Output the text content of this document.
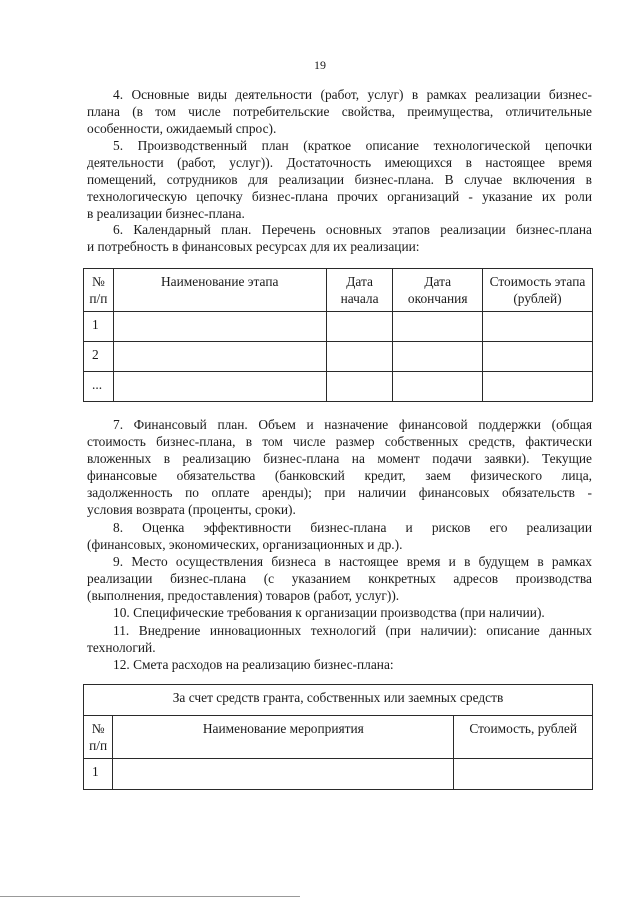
19
4. Основные виды деятельности (работ, услуг) в рамках реализации бизнес-
плана (в том числе потребительские свойства, преимущества, отличительные
особенности, ожидаемый спрос).
5. Производственный план (краткое описание технологической цепочки
деятельности (работ, услуг)). Достаточность имеющихся в настоящее время
помещений, сотрудников для реализации бизнес-плана. В случае включения в
технологическую цепочку бизнес-плана прочих организаций - указание их роли
в реализации бизнес-плана.
6. Календарный план. Перечень основных этапов реализации бизнес-плана
и потребность в финансовых ресурсах для их реализации:
№ п/п	Наименование этапа	Дата начала	Дата окончания	Стоимость этапа (рублей)
1				
2				
...				
7. Финансовый план. Объем и назначение финансовой поддержки (общая
стоимость бизнес-плана, в том числе размер собственных средств, фактически
вложенных в реализацию бизнес-плана на момент подачи заявки). Текущие
финансовые обязательства (банковский кредит, заем физического лица,
задолженность по оплате аренды); при наличии финансовых обязательств -
условия возврата (проценты, сроки).
8. Оценка эффективности бизнес-плана и рисков его реализации
(финансовых, экономических, организационных и др.).
9. Место осуществления бизнеса в настоящее время и в будущем в рамках
реализации бизнес-плана (с указанием конкретных адресов производства
(выполнения, предоставления) товаров (работ, услуг)).
10. Специфические требования к организации производства (при наличии).
11. Внедрение инновационных технологий (при наличии): описание данных
технологий.
12. Смета расходов на реализацию бизнес-плана:
За счет средств гранта, собственных или заемных средств		
№ п/п	Наименование мероприятия	Стоимость, рублей
1		
